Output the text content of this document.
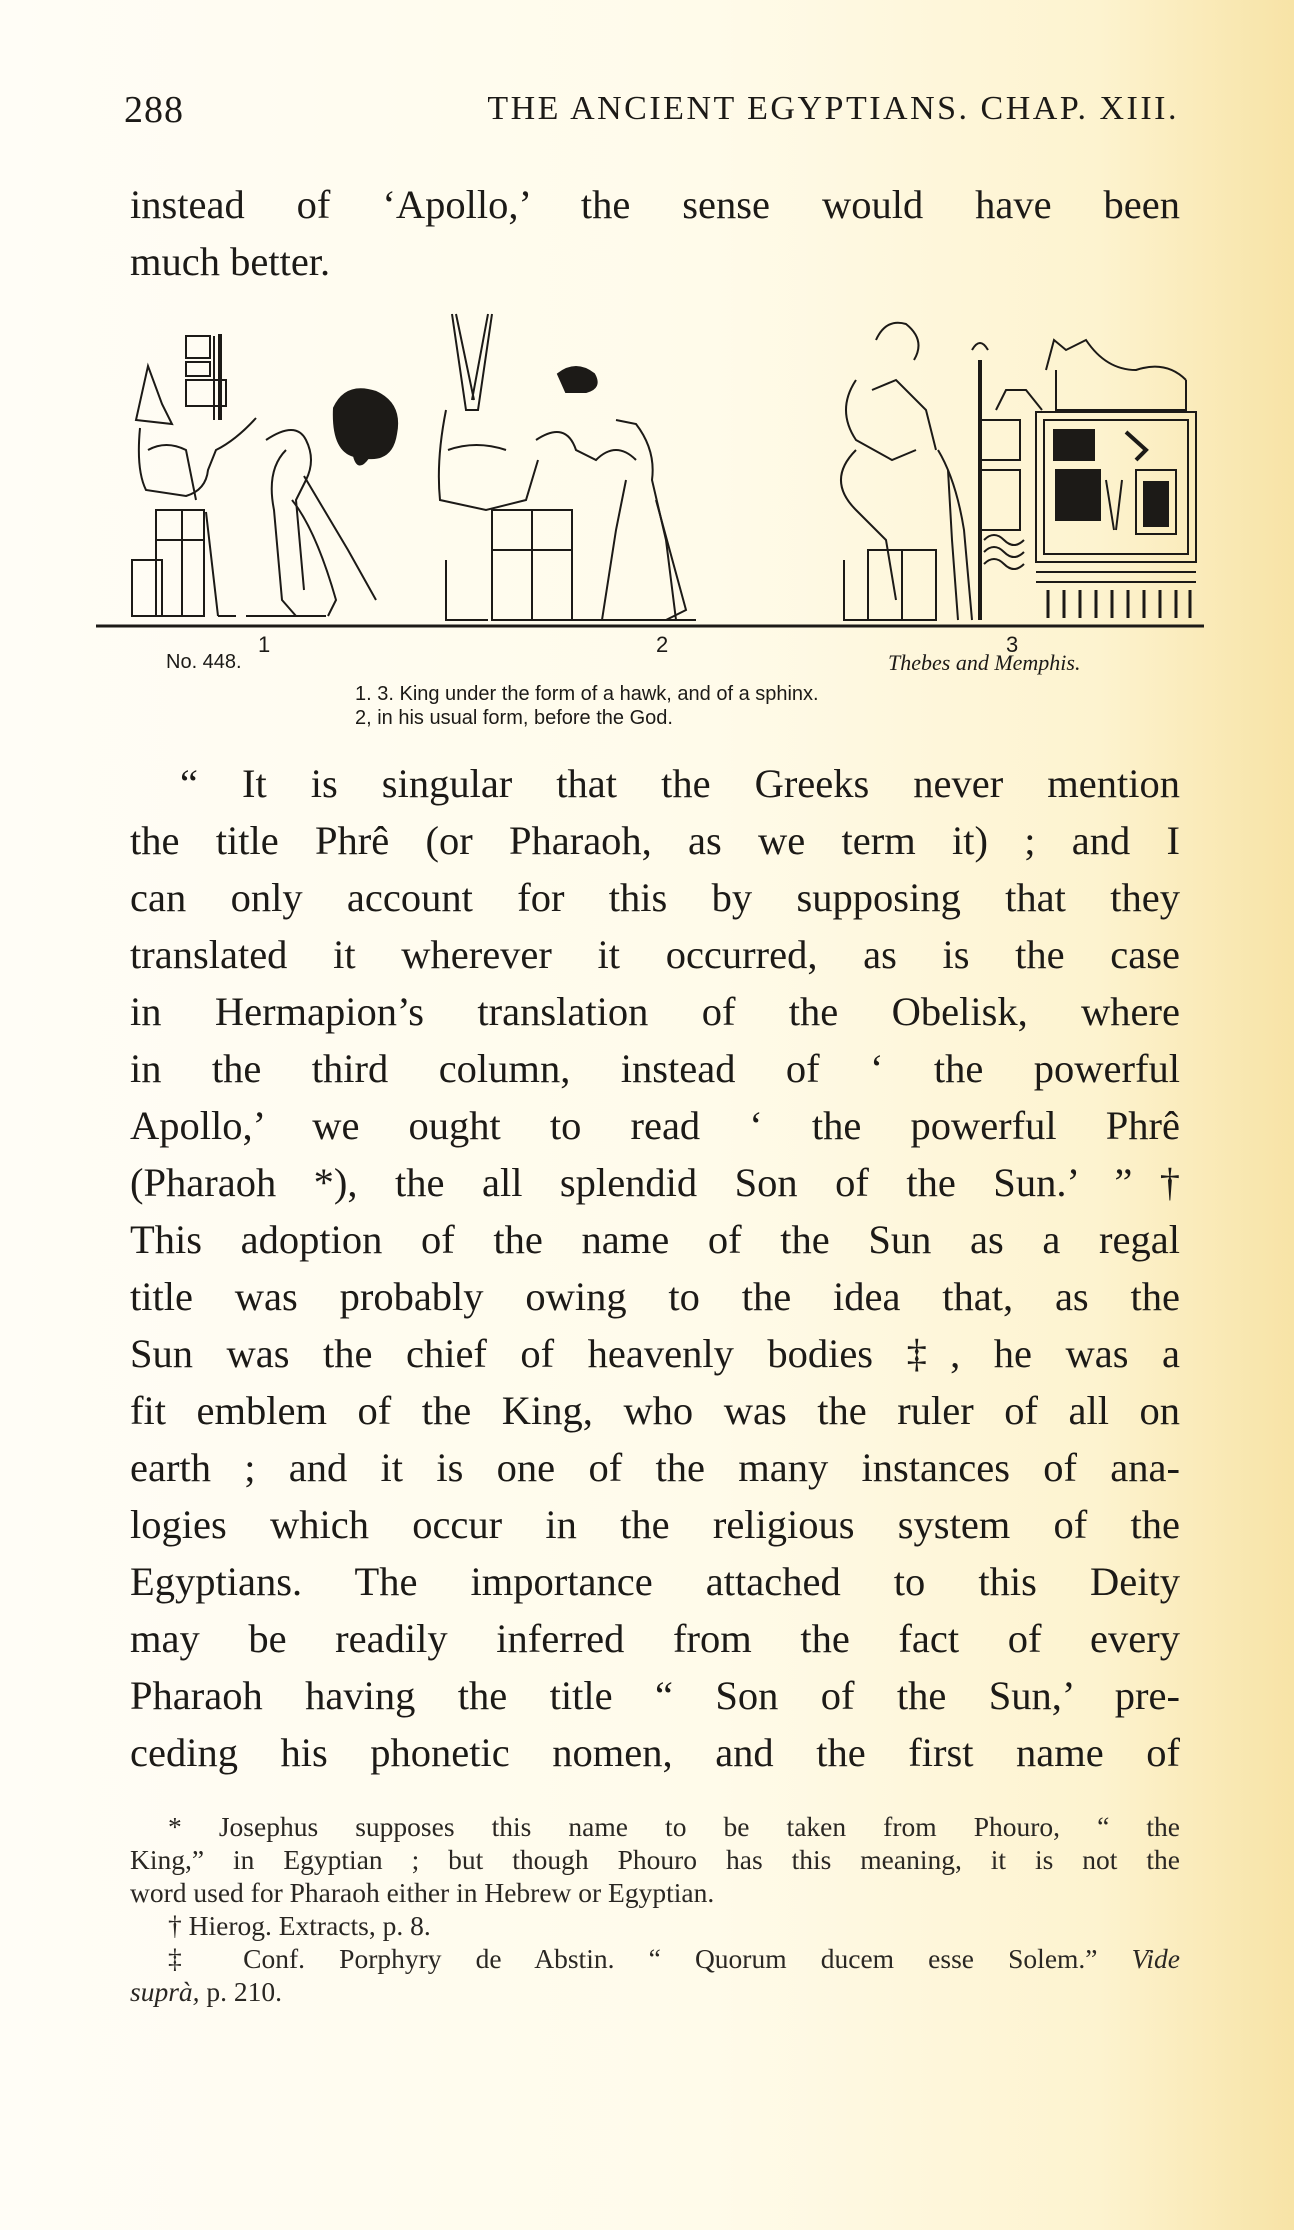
288	THE ANCIENT EGYPTIANS. CHAP. XIII.
instead of ‘Apollo,’ the sense would have been
much better.
1	2	3
No. 448.	Thebes and Memphis.
1. 3. King under the form of a hawk, and of a sphinx.
2, in his usual form, before the God.
“ It is singular that the Greeks never mention
the title Phrê (or Pharaoh, as we term it) ; and I
can only account for this by supposing that they
translated it wherever it occurred, as is the case
in Hermapion’s translation of the Obelisk, where
in the third column, instead of ‘ the powerful
Apollo,’ we ought to read ‘ the powerful Phrê
(Pharaoh *), the all splendid Son of the Sun.’ ”†
This adoption of the name of the Sun as a regal
title was probably owing to the idea that, as the
Sun was the chief of heavenly bodies ‡, he was a
fit emblem of the King, who was the ruler of all on
earth ; and it is one of the many instances of ana-
logies which occur in the religious system of the
Egyptians. The importance attached to this Deity
may be readily inferred from the fact of every
Pharaoh having the title “ Son of the Sun,’ pre-
ceding his phonetic nomen, and the first name of
* Josephus supposes this name to be taken from Phouro, “ the
King,” in Egyptian ; but though Phouro has this meaning, it is not the
word used for Pharaoh either in Hebrew or Egyptian.
† Hierog. Extracts, p. 8.
‡ Conf. Porphyry de Abstin. “ Quorum ducem esse Solem.” Vide
suprà, p. 210.
